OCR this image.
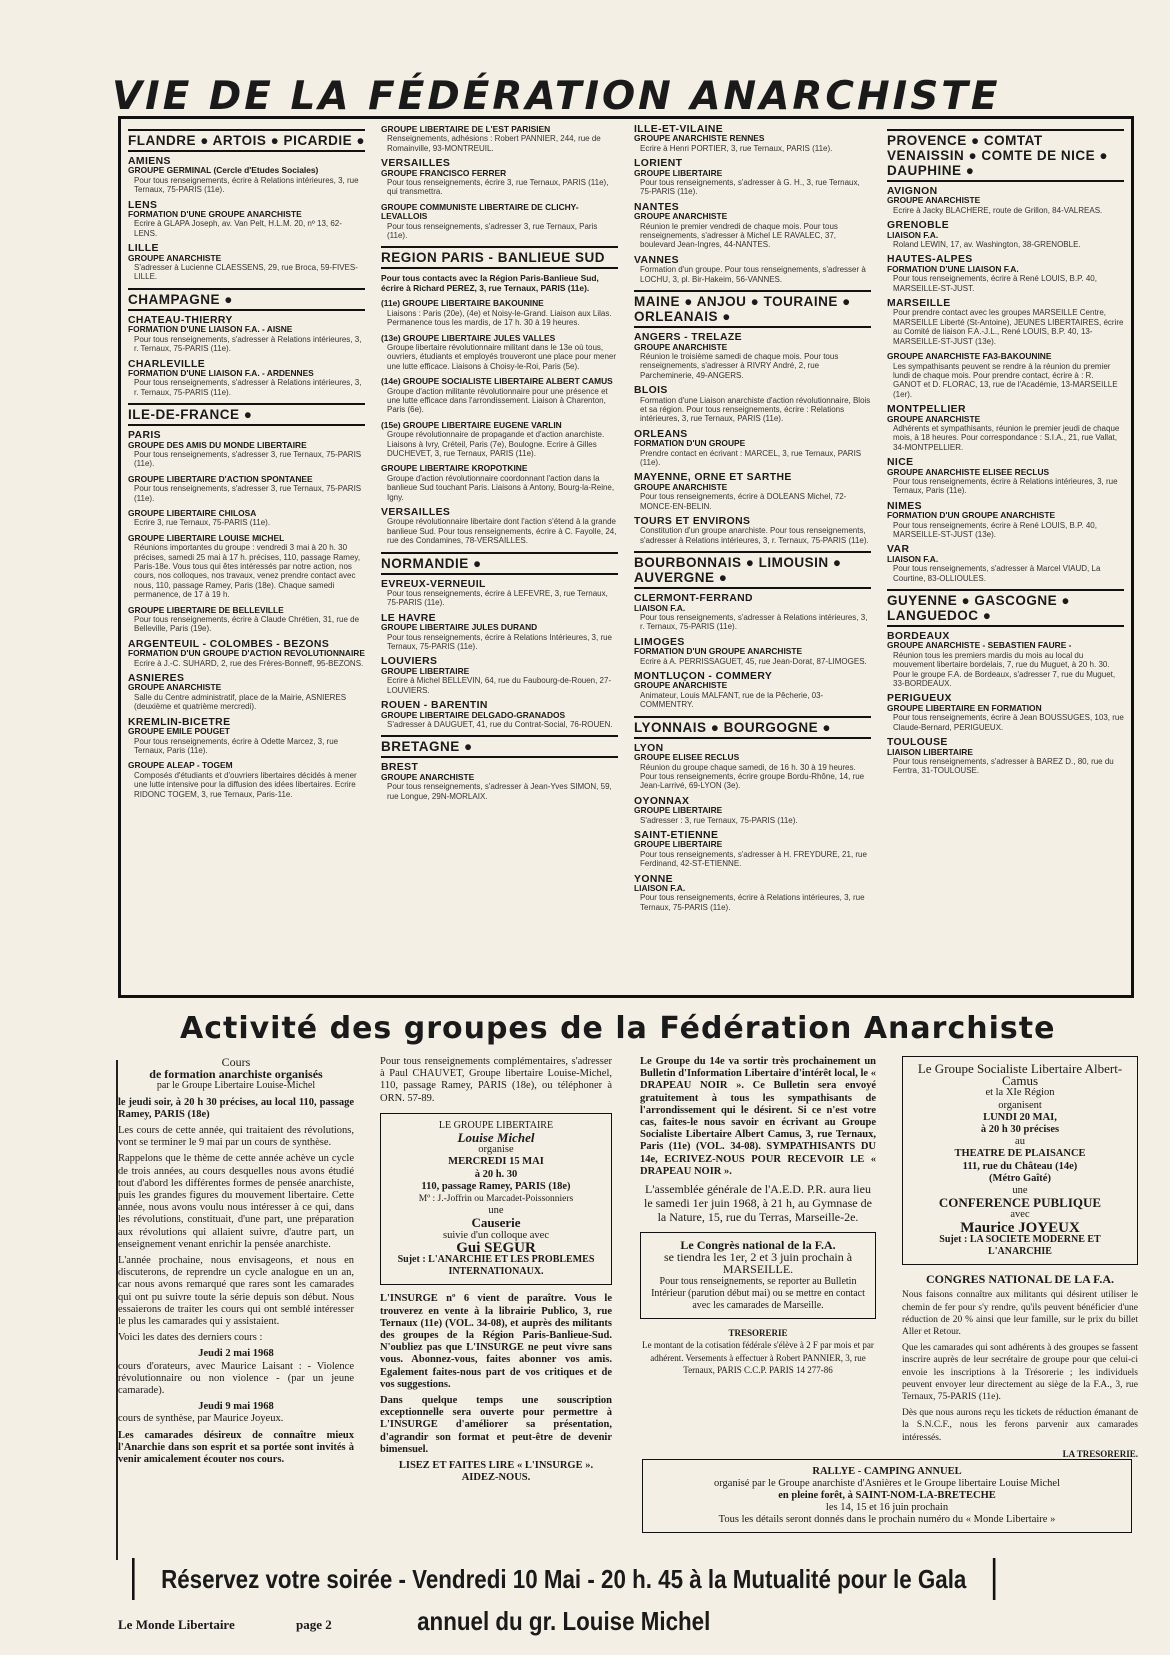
VIE DE LA FÉDÉRATION ANARCHISTE
FLANDRE ● ARTOIS ● PICARDIE ●
AMIENS
GROUPE GERMINAL (Cercle d'Etudes Sociales)
Pour tous renseignements, écrire à Relations intérieures, 3, rue Ternaux, 75-PARIS (11e).
LENS
FORMATION D'UNE GROUPE ANARCHISTE
Ecrire à GLAPA Joseph, av. Van Pelt, H.L.M. 20, nº 13, 62-LENS.
LILLE
GROUPE ANARCHISTE
S'adresser à Lucienne CLAESSENS, 29, rue Broca, 59-FIVES-LILLE.
CHAMPAGNE ●
CHATEAU-THIERRY
FORMATION D'UNE LIAISON F.A. - AISNE
Pour tous renseignements, s'adresser à Relations intérieures, 3, r. Ternaux, 75-PARIS (11e).
CHARLEVILLE
FORMATION D'UNE LIAISON F.A. - ARDENNES
Pour tous renseignements, s'adresser à Relations intérieures, 3, r. Ternaux, 75-PARIS (11e).
ILE-DE-FRANCE ●
PARIS
GROUPE DES AMIS DU MONDE LIBERTAIRE
Pour tous renseignements, s'adresser 3, rue Ternaux, 75-PARIS (11e).
GROUPE LIBERTAIRE D'ACTION SPONTANEE
Pour tous renseignements, s'adresser 3, rue Ternaux, 75-PARIS (11e).
GROUPE LIBERTAIRE CHILOSA
Ecrire 3, rue Ternaux, 75-PARIS (11e).
GROUPE LIBERTAIRE LOUISE MICHEL
Réunions importantes du groupe : vendredi 3 mai à 20 h. 30 précises, samedi 25 mai à 17 h. précises, 110, passage Ramey, Paris-18e. Vous tous qui êtes intéressés par notre action, nos cours, nos colloques, nos travaux, venez prendre contact avec nous, 110, passage Ramey, Paris (18e). Chaque samedi permanence, de 17 à 19 h.
GROUPE LIBERTAIRE DE BELLEVILLE
Pour tous renseignements, écrire à Claude Chrétien, 31, rue de Belleville, Paris (19e).
ARGENTEUIL - COLOMBES - BEZONS
FORMATION D'UN GROUPE D'ACTION REVOLUTIONNAIRE
Ecrire à J.-C. SUHARD, 2, rue des Frères-Bonneff, 95-BEZONS.
ASNIERES
GROUPE ANARCHISTE
Salle du Centre administratif, place de la Mairie, ASNIERES (deuxième et quatrième mercredi).
KREMLIN-BICETRE
GROUPE EMILE POUGET
Pour tous renseignements, écrire à Odette Marcez, 3, rue Ternaux, Paris (11e).
GROUPE ALEAP - TOGEM
Composés d'étudiants et d'ouvriers libertaires décidés à mener une lutte intensive pour la diffusion des idées libertaires. Ecrire RIDONC TOGEM, 3, rue Ternaux, Paris-11e.
GROUPE LIBERTAIRE DE L'EST PARISIEN
Renseignements, adhésions : Robert PANNIER, 244, rue de Romainville, 93-MONTREUIL.
VERSAILLES
GROUPE FRANCISCO FERRER
Pour tous renseignements, écrire 3, rue Ternaux, PARIS (11e), qui transmettra.
GROUPE COMMUNISTE LIBERTAIRE DE CLICHY-LEVALLOIS
Pour tous renseignements, s'adresser 3, rue Ternaux, Paris (11e).
REGION PARIS - BANLIEUE SUD
Pour tous contacts avec la Région Paris-Banlieue Sud, écrire à Richard PEREZ, 3, rue Ternaux, PARIS (11e).
(11e) GROUPE LIBERTAIRE BAKOUNINE
Liaisons : Paris (20e), (4e) et Noisy-le-Grand. Liaison aux Lilas. Permanence tous les mardis, de 17 h. 30 à 19 heures.
(13e) GROUPE LIBERTAIRE JULES VALLES
Groupe libertaire révolutionnaire militant dans le 13e où tous, ouvriers, étudiants et employés trouveront une place pour mener une lutte efficace. Liaisons à Choisy-le-Roi, Paris (5e).
(14e) GROUPE SOCIALISTE LIBERTAIRE ALBERT CAMUS
Groupe d'action militante révolutionnaire pour une présence et une lutte efficace dans l'arrondissement. Liaison à Charenton, Paris (6e).
(15e) GROUPE LIBERTAIRE EUGENE VARLIN
Groupe révolutionnaire de propagande et d'action anarchiste. Liaisons à Ivry, Créteil, Paris (7e), Boulogne. Ecrire à Gilles DUCHEVET, 3, rue Ternaux, PARIS (11e).
GROUPE LIBERTAIRE KROPOTKINE
Groupe d'action révolutionnaire coordonnant l'action dans la banlieue Sud touchant Paris. Liaisons à Antony, Bourg-la-Reine, Igny.
VERSAILLES
Groupe révolutionnaire libertaire dont l'action s'étend à la grande banlieue Sud. Pour tous renseignements, écrire à C. Fayolle, 24, rue des Condamines, 78-VERSAILLES.
NORMANDIE ●
EVREUX-VERNEUIL
Pour tous renseignements, écrire à LEFEVRE, 3, rue Ternaux, 75-PARIS (11e).
LE HAVRE
GROUPE LIBERTAIRE JULES DURAND
Pour tous renseignements, écrire à Relations Intérieures, 3, rue Ternaux, 75-PARIS (11e).
LOUVIERS
GROUPE LIBERTAIRE
Ecrire à Michel BELLEVIN, 64, rue du Faubourg-de-Rouen, 27-LOUVIERS.
ROUEN - BARENTIN
GROUPE LIBERTAIRE DELGADO-GRANADOS
S'adresser à DAUGUET, 41, rue du Contrat-Social, 76-ROUEN.
BRETAGNE ●
BREST
GROUPE ANARCHISTE
Pour tous renseignements, s'adresser à Jean-Yves SIMON, 59, rue Longue, 29N-MORLAIX.
ILLE-ET-VILAINE
GROUPE ANARCHISTE RENNES
Ecrire à Henri PORTIER, 3, rue Ternaux, PARIS (11e).
LORIENT
GROUPE LIBERTAIRE
Pour tous renseignements, s'adresser à G. H., 3, rue Ternaux, 75-PARIS (11e).
NANTES
GROUPE ANARCHISTE
Réunion le premier vendredi de chaque mois. Pour tous renseignements, s'adresser à Michel LE RAVALEC, 37, boulevard Jean-Ingres, 44-NANTES.
VANNES
Formation d'un groupe. Pour tous renseignements, s'adresser à LOCHU, 3, pl. Bir-Hakeim, 56-VANNES.
MAINE ● ANJOU ● TOURAINE ● ORLEANAIS ●
ANGERS - TRELAZE
GROUPE ANARCHISTE
Réunion le troisième samedi de chaque mois. Pour tous renseignements, s'adresser à RIVRY André, 2, rue Parcheminerie, 49-ANGERS.
BLOIS
Formation d'une Liaison anarchiste d'action révolutionnaire, Blois et sa région. Pour tous renseignements, écrire : Relations intérieures, 3, rue Ternaux, PARIS (11e).
ORLEANS
FORMATION D'UN GROUPE
Prendre contact en écrivant : MARCEL, 3, rue Ternaux, PARIS (11e).
MAYENNE, ORNE ET SARTHE
GROUPE ANARCHISTE
Pour tous renseignements, écrire à DOLEANS Michel, 72-MONCE-EN-BELIN.
TOURS ET ENVIRONS
Constitution d'un groupe anarchiste. Pour tous renseignements, s'adresser à Relations intérieures, 3, r. Ternaux, 75-PARIS (11e).
BOURBONNAIS ● LIMOUSIN ● AUVERGNE ●
CLERMONT-FERRAND
LIAISON F.A.
Pour tous renseignements, s'adresser à Relations intérieures, 3, r. Ternaux, 75-PARIS (11e).
LIMOGES
FORMATION D'UN GROUPE ANARCHISTE
Ecrire à A. PERRISSAGUET, 45, rue Jean-Dorat, 87-LIMOGES.
MONTLUÇON - COMMERY
GROUPE ANARCHISTE
Animateur, Louis MALFANT, rue de la Pêcherie, 03-COMMENTRY.
LYONNAIS ● BOURGOGNE ●
LYON
GROUPE ELISEE RECLUS
Réunion du groupe chaque samedi, de 16 h. 30 à 19 heures. Pour tous renseignements, écrire groupe Bordu-Rhône, 14, rue Jean-Larrivé, 69-LYON (3e).
OYONNAX
GROUPE LIBERTAIRE
S'adresser : 3, rue Ternaux, 75-PARIS (11e).
SAINT-ETIENNE
GROUPE LIBERTAIRE
Pour tous renseignements, s'adresser à H. FREYDURE, 21, rue Ferdinand, 42-ST-ETIENNE.
YONNE
LIAISON F.A.
Pour tous renseignements, écrire à Relations intérieures, 3, rue Ternaux, 75-PARIS (11e).
PROVENCE ● COMTAT VENAISSIN ● COMTE DE NICE ● DAUPHINE ●
AVIGNON
GROUPE ANARCHISTE
Ecrire à Jacky BLACHERE, route de Grillon, 84-VALREAS.
GRENOBLE
LIAISON F.A.
Roland LEWIN, 17, av. Washington, 38-GRENOBLE.
HAUTES-ALPES
FORMATION D'UNE LIAISON F.A.
Pour tous renseignements, écrire à René LOUIS, B.P. 40, MARSEILLE-ST-JUST.
MARSEILLE
Pour prendre contact avec les groupes MARSEILLE Centre, MARSEILLE Liberté (St-Antoine), JEUNES LIBERTAIRES, écrire au Comité de liaison F.A.-J.L., René LOUIS, B.P. 40, 13-MARSEILLE-ST-JUST (13e).
GROUPE ANARCHISTE FA3-BAKOUNINE
Les sympathisants peuvent se rendre à la réunion du premier lundi de chaque mois. Pour prendre contact, écrire à : R. GANOT et D. FLORAC, 13, rue de l'Académie, 13-MARSEILLE (1er).
MONTPELLIER
GROUPE ANARCHISTE
Adhérents et sympathisants, réunion le premier jeudi de chaque mois, à 18 heures. Pour correspondance : S.I.A., 21, rue Vallat, 34-MONTPELLIER.
NICE
GROUPE ANARCHISTE ELISEE RECLUS
Pour tous renseignements, écrire à Relations intérieures, 3, rue Ternaux, Paris (11e).
NIMES
FORMATION D'UN GROUPE ANARCHISTE
Pour tous renseignements, écrire à René LOUIS, B.P. 40, MARSEILLE-ST-JUST (13e).
VAR
LIAISON F.A.
Pour tous renseignements, s'adresser à Marcel VIAUD, La Courtine, 83-OLLIOULES.
GUYENNE ● GASCOGNE ● LANGUEDOC ●
BORDEAUX
GROUPE ANARCHISTE - SEBASTIEN FAURE -
Réunion tous les premiers mardis du mois au local du mouvement libertaire bordelais, 7, rue du Muguet, à 20 h. 30. Pour le groupe F.A. de Bordeaux, s'adresser 7, rue du Muguet, 33-BORDEAUX.
PERIGUEUX
GROUPE LIBERTAIRE EN FORMATION
Pour tous renseignements, écrire à Jean BOUSSUGES, 103, rue Claude-Bernard, PERIGUEUX.
TOULOUSE
LIAISON LIBERTAIRE
Pour tous renseignements, s'adresser à BAREZ D., 80, rue du Ferrtra, 31-TOULOUSE.
Activité des groupes de la Fédération Anarchiste
Cours
de formation anarchiste organisés
par le Groupe Libertaire Louise-Michel

le jeudi soir, à 20 h 30 précises, au local 110, passage Ramey, PARIS (18e)

Les cours de cette année, qui traitaient des révolutions, vont se terminer le 9 mai par un cours de synthèse.

Rappelons que le thème de cette année achève un cycle de trois années, au cours desquelles nous avons étudié tout d'abord les différentes formes de pensée anarchiste, puis les grandes figures du mouvement libertaire. Cette année, nous avons voulu nous intéresser à ce qui, dans les révolutions, constituait, d'une part, une préparation aux révolutions qui allaient suivre, d'autre part, un enseignement venant enrichir la pensée anarchiste.

L'année prochaine, nous envisageons, et nous en discuterons, de reprendre un cycle analogue en un an, car nous avons remarqué que rares sont les camarades qui ont pu suivre toute la série depuis son début. Nous essaierons de traiter les cours qui ont semblé intéresser le plus les camarades qui y assistaient.

Voici les dates des derniers cours :

Jeudi 2 mai 1968

cours d'orateurs, avec Maurice Laisant : - Violence révolutionnaire ou non violence - (par un jeune camarade).

Jeudi 9 mai 1968

cours de synthèse, par Maurice Joyeux.

Les camarades désireux de connaître mieux l'Anarchie dans son esprit et sa portée sont invités à venir amicalement écouter nos cours.

Pour tous renseignements complémentaires, s'adresser à Paul CHAUVET, Groupe libertaire Louise-Michel, 110, passage Ramey, PARIS (18e), ou téléphoner à ORN. 57-89.

LE GROUPE LIBERTAIRE
Louise Michel
organise
MERCREDI 15 MAI
à 20 h. 30
110, passage Ramey, PARIS (18e)
Mº : J.-Joffrin ou Marcadet-Poissonniers
une
Causerie
suivie d'un colloque avec
Gui SEGUR
Sujet : L'ANARCHIE ET LES PROBLEMES INTERNATIONAUX.

L'INSURGE nº 6 vient de paraître. Vous le trouverez en vente à la librairie Publico, 3, rue Ternaux (11e) (VOL. 34-08), et auprès des militants des groupes de la Région Paris-Banlieue-Sud. N'oubliez pas que L'INSURGE ne peut vivre sans vous. Abonnez-vous, faites abonner vos amis. Egalement faites-nous part de vos critiques et de vos suggestions.

Dans quelque temps une souscription exceptionnelle sera ouverte pour permettre à L'INSURGE d'améliorer sa présentation, d'agrandir son format et peut-être de devenir bimensuel.

LISEZ ET FAITES LIRE « L'INSURGE ». AIDEZ-NOUS.

Le Groupe du 14e va sortir très prochainement un Bulletin d'Information Libertaire d'intérêt local, le « DRAPEAU NOIR ». Ce Bulletin sera envoyé gratuitement à tous les sympathisants de l'arrondissement qui le désirent. Si ce n'est votre cas, faites-le nous savoir en écrivant au Groupe Socialiste Libertaire Albert Camus, 3, rue Ternaux, Paris (11e) (VOL. 34-08). SYMPATHISANTS DU 14e, ECRIVEZ-NOUS POUR RECEVOIR LE « DRAPEAU NOIR ».

L'assemblée générale de l'A.E.D. P.R. aura lieu le samedi 1er juin 1968, à 21 h, au Gymnase de la Nature, 15, rue du Terras, Marseille-2e.

Le Congrès national de la F.A.
se tiendra les 1er, 2 et 3 juin prochain à MARSEILLE.
Pour tous renseignements, se reporter au Bulletin Intérieur (parution début mai) ou se mettre en contact avec les camarades de Marseille.
TRESORERIE

Le montant de la cotisation fédérale s'élève à 2 F par mois et par adhérent. Versements à effectuer à Robert PANNIER, 3, rue Ternaux, PARIS C.C.P. PARIS 14 277-86

Le Groupe Socialiste Libertaire Albert-Camus
et la XIe Région
organisent
LUNDI 20 MAI,
à 20 h 30 précises
au
THEATRE DE PLAISANCE
111, rue du Château (14e)
(Métro Gaîté)
une
CONFERENCE PUBLIQUE
avec
Maurice JOYEUX
Sujet : LA SOCIETE MODERNE ET L'ANARCHIE
CONGRES NATIONAL DE LA F.A.

Nous faisons connaître aux militants qui désirent utiliser le chemin de fer pour s'y rendre, qu'ils peuvent bénéficier d'une réduction de 20 % ainsi que leur famille, sur le prix du billet Aller et Retour.

Que les camarades qui sont adhérents à des groupes se fassent inscrire auprès de leur secrétaire de groupe pour que celui-ci envoie les inscriptions à la Trésorerie ; les individuels peuvent envoyer leur directement au siège de la F.A., 3, rue Ternaux, 75-PARIS (11e).

Dès que nous aurons reçu les tickets de réduction émanant de la S.N.C.F., nous les ferons parvenir aux camarades intéressés.

LA TRESORERIE.
RALLYE - CAMPING ANNUEL
organisé par le Groupe anarchiste d'Asnières et le Groupe libertaire Louise Michel
en pleine forêt, à SAINT-NOM-LA-BRETECHE
les 14, 15 et 16 juin prochain
Tous les détails seront donnés dans le prochain numéro du « Monde Libertaire »
Réservez votre soirée - Vendredi 10 Mai - 20 h. 45 à la Mutualité pour le Gala annuel du gr. Louise Michel
Le Monde Libertaire	page 2
